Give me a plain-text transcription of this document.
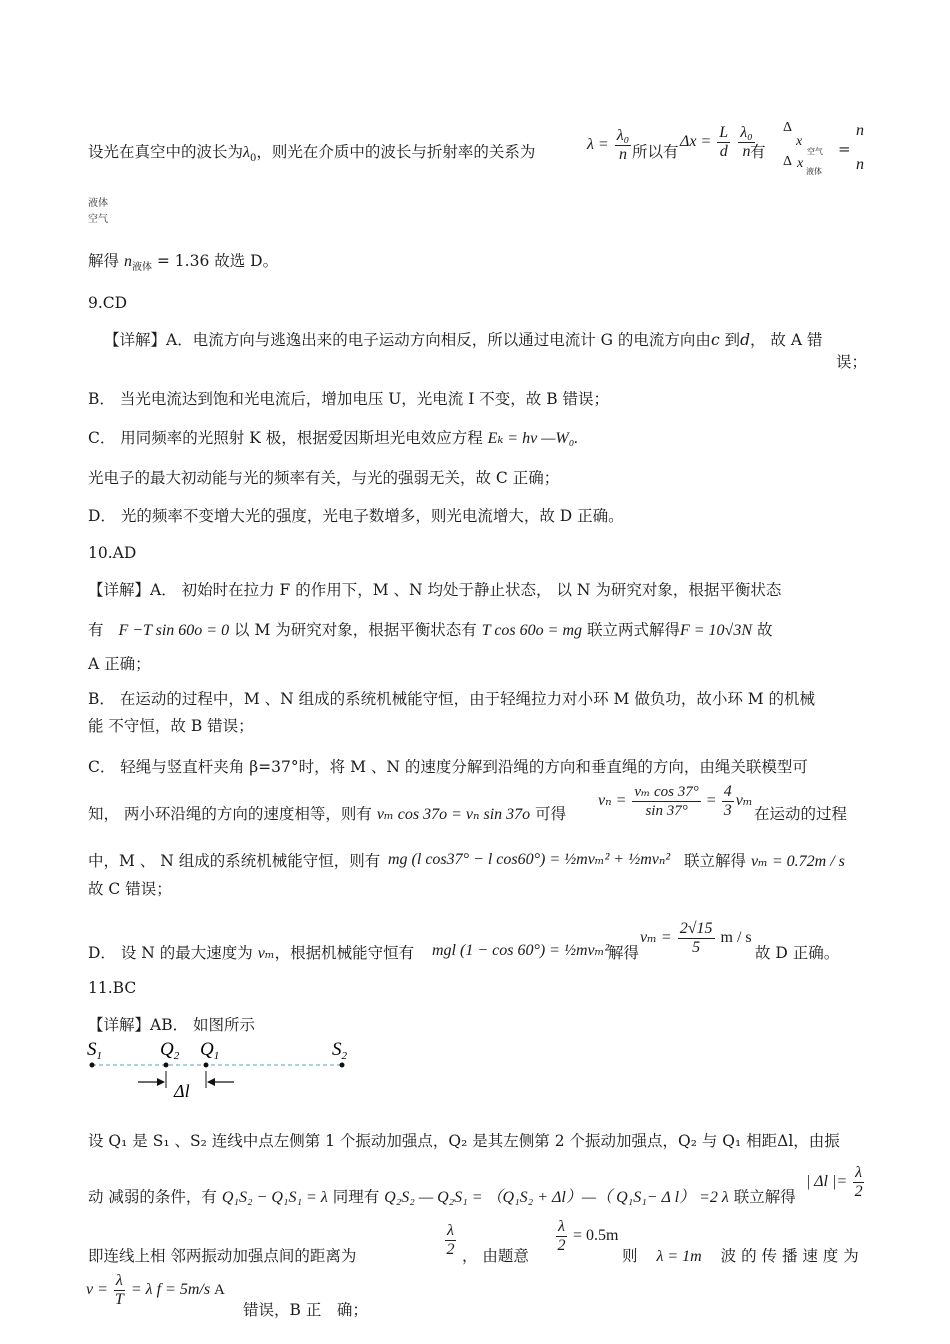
设光在真空中的波长为$\lambda_0$，则光在介质中的波长与折射率的关系为	$\lambda = \frac{\text{λ₀}}{n}$ 所以有
$\Delta x = \frac{L}{d}$
$\frac{\text{λ₀}}{n}$
有
Δ
x
空气
Δ x
液体
=
n
n
液体
空气
解得 $n_{液体} = 1.36$ 故选 D。
9.CD
【详解】A．电流方向与逃逸出来的电子运动方向相反，所以通过电流计 G 的电流方向由c 到d， 故 A 错
误；
B． 当光电流达到饱和光电流后，增加电压 U，光电流 I 不变，故 B 错误；
C． 用同频率的光照射 K 极，根据爱因斯坦光电效应方程 Eₖ = hν —W₀.
光电子的最大初动能与光的频率有关，与光的强弱无关，故 C 正确；
D． 光的频率不变增大光的强度，光电子数增多，则光电流增大，故 D 正确。
10.AD
【详解】A． 初始时在拉力 F 的作用下，M 、N 均处于静止状态， 以 N 为研究对象，根据平衡状态
有 F −T sin 60o = 0 以 M 为研究对象，根据平衡状态有 T cos 60o = mg 联立两式解得F = 10√3N 故
A 正确；
B． 在运动的过程中，M 、N 组成的系统机械能守恒，由于轻绳拉力对小环 M 做负功，故小环 M 的机械
能 不守恒，故 B 错误；
C． 轻绳与竖直杆夹角 β=37°时，将 M 、N 的速度分解到沿绳的方向和垂直绳的方向，由绳关联模型可
知， 两小环沿绳的方向的速度相等，则有 vₘ cos 37o = vₙ sin 37o 可得
$v_n = \frac{\text{vₘ cos 37°}}{\sin 37^\circ} = \frac{4}{3}$ vₘ
在运动的过程
中，M 、 N 组成的系统机械能守恒，则有 mg (l cos37° − l cos60°) = ½mvₘ² + ½mvₙ² 联立解得 vₘ = 0.72m / s
故 C 错误；
D． 设 N 的最大速度为 vₘ，根据机械能守恒有 mgl (1 − cos 60°) = ½mvₘ²
解得
$v_m = \frac{2√15}{5}$ m / s
故 D 正确。
11.BC
【详解】AB． 如图所示
$S_1$	$Q_2$ $Q_1$	$S_2$
Δl
设 Q₁ 是 S₁ 、S₂ 连线中点左侧第 1 个振动加强点，Q₂ 是其左侧第 2 个振动加强点，Q₂ 与 Q₁ 相距Δl，由振
动 减弱的条件，有 Q₁S₂ − Q₁S₁ = λ 同理有 Q₂S₂ — Q₂S₁ = （Q₁S₂ + Δl）—（ Q₁S₁− Δ l） =2 λ 联立解得
| Δl |= $\frac{\lambda}{2}$
即连线上相 邻两振动加强点间的距离为	$\frac{\lambda}{2}$ ， 由题意
$\frac{\lambda}{2} = 0.5m$
则 λ = 1m 波 的 传 播 速 度 为
$v = \frac{\lambda}{T} = \lambda$ f = 5m/s A
错误，B 正　确；
